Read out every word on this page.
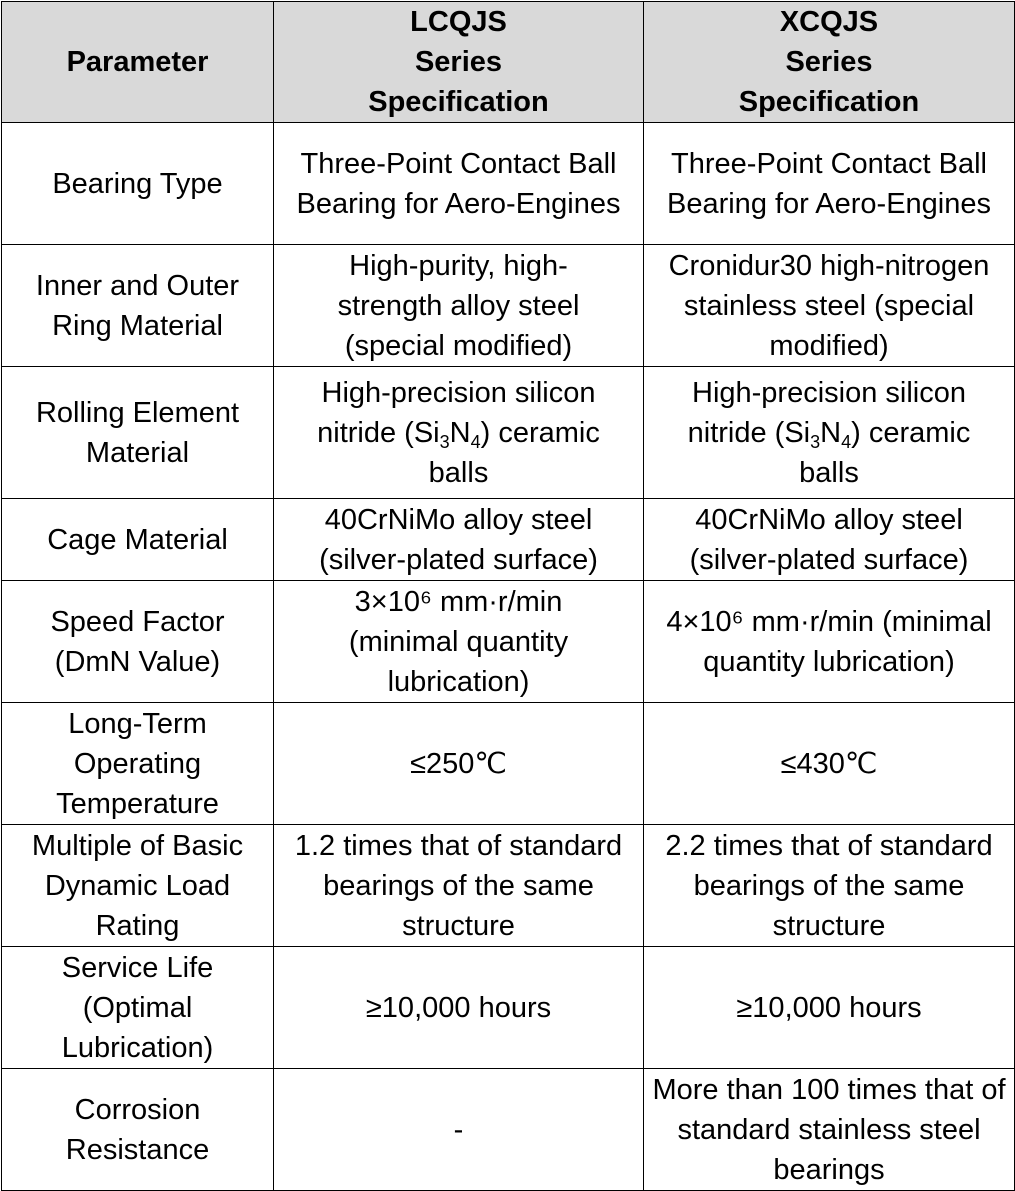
Parameter	LCQJS Series Specification	XCQJS Series Specification
Bearing Type	Three-Point Contact Ball Bearing for Aero-Engines	Three-Point Contact Ball Bearing for Aero-Engines
Inner and Outer Ring Material	High-purity, high-strength alloy steel (special modified)	Cronidur30 high-nitrogen stainless steel (special modified)
Rolling Element Material	High-precision silicon nitride $(Si_3N_4)$ ceramic balls	High-precision silicon nitride $(Si_3N_4)$ ceramic balls
Cage Material	40CrNiMo alloy steel (silver-plated surface)	40CrNiMo alloy steel (silver-plated surface)
Speed Factor (DmN Value)	3×10⁶ mm·r/min (minimal quantity lubrication)	4×10⁶ mm·r/min (minimal quantity lubrication)
Long-Term Operating Temperature	≤250℃	≤430℃
Multiple of Basic Dynamic Load Rating	1.2 times that of standard bearings of the same structure	2.2 times that of standard bearings of the same structure
Service Life (Optimal Lubrication)	≥10,000 hours	≥10,000 hours
Corrosion Resistance	-	More than 100 times that of standard stainless steel bearings
